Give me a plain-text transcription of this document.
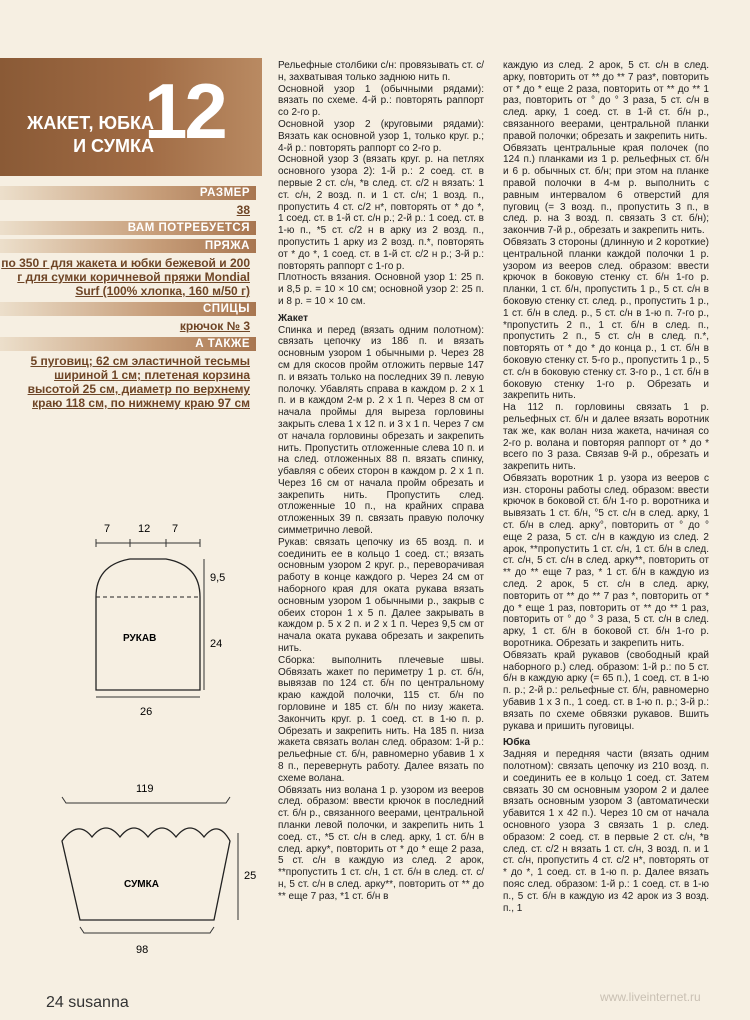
ЖАКЕТ, ЮБКА
И СУМКА
12
РАЗМЕР
38
ВАМ ПОТРЕБУЕТСЯ
ПРЯЖА
по 350 г для жакета и юбки бежевой и 200 г для сумки коричневой пряжи Mondial Surf (100% хлопка, 160 м/50 г)
СПИЦЫ
крючок № 3
А ТАКЖЕ
5 пуговиц; 62 см эластичной тесьмы шириной 1 см; плетеная корзина высотой 25 см, диаметр по верхнему краю 118 см, по нижнему краю 97 см
7	12 7
РУКАВ
9,5
24
26
119
СУМКА
25
98

Рельефные столбики с/н: провязывать ст. с/н, захватывая только заднюю нить п.

Основной узор 1 (обычными рядами): вязать по схеме. 4-й р.: повторять раппорт со 2-го р.

Основной узор 2 (круговыми рядами): Вязать как основной узор 1, только круг. р.; 4-й р.: повторять раппорт со 2-го р.

Основной узор 3 (вязать круг. р. на петлях основного узора 2): 1-й р.: 2 соед. ст. в первые 2 ст. с/н, *в след. ст. с/2 н вязать: 1 ст. с/н, 2 возд. п. и 1 ст. с/н; 1 возд. п., пропустить 4 ст. с/2 н*, повторять от * до *, 1 соед. ст. в 1-й ст. с/н р.; 2-й р.: 1 соед. ст. в 1-ю п., *5 ст. с/2 н в арку из 2 возд. п., пропустить 1 арку из 2 возд. п.*, повторять от * до *, 1 соед. ст. в 1-й ст. с/2 н р.; 3-й р.: повторять раппорт с 1-го р.

Плотность вязания. Основной узор 1: 25 п. и 8,5 р. = 10 × 10 см; основной узор 2: 25 п. и 8 р. = 10 × 10 см.

Жакет

Спинка и перед (вязать одним полотном): связать цепочку из 186 п. и вязать основным узором 1 обычными р. Через 28 см для скосов пройм отложить первые 147 п. и вязать только на последних 39 п. левую полочку. Убавлять справа в каждом р. 2 x 1 п. и в каждом 2-м р. 2 x 1 п. Через 8 см от начала проймы для выреза горловины закрыть слева 1 x 12 п. и 3 x 1 п. Через 7 см от начала горловины обрезать и закрепить нить. Пропустить отложенные слева 10 п. и на след. отложенных 88 п. вязать спинку, убавляя с обеих сторон в каждом р. 2 x 1 п. Через 16 см от начала пройм обрезать и закрепить нить. Пропустить след. отложенные 10 п., на крайних справа отложенных 39 п. связать правую полочку симметрично левой.

Рукав: связать цепочку из 65 возд. п. и соединить ее в кольцо 1 соед. ст.; вязать основным узором 2 круг. р., переворачивая работу в конце каждого р. Через 24 см от наборного края для оката рукава вязать основным узором 1 обычными р., закрыв с обеих сторон 1 x 5 п. Далее закрывать в каждом р. 5 x 2 п. и 2 x 1 п. Через 9,5 см от начала оката рукава обрезать и закрепить нить.

Сборка: выполнить плечевые швы. Обвязать жакет по периметру 1 р. ст. б/н, вывязав по 124 ст. б/н по центральному краю каждой полочки, 115 ст. б/н по горловине и 185 ст. б/н по низу жакета. Закончить круг. р. 1 соед. ст. в 1-ю п. р. Обрезать и закрепить нить. На 185 п. низа жакета связать волан след. образом: 1-й р.: рельефные ст. б/н, равномерно убавив 1 x 8 п., перевернуть работу. Далее вязать по схеме волана.

Обвязать низ волана 1 р. узором из вееров след. образом: ввести крючок в последний ст. б/н р., связанного веерами, центральной планки левой полочки, и закрепить нить 1 соед. ст., *5 ст. с/н в след. арку, 1 ст. б/н в след. арку*, повторить от * до * еще 2 раза, 5 ст. с/н в каждую из след. 2 арок, **пропустить 1 ст. с/н, 1 ст. б/н в след. ст. с/н, 5 ст. с/н в след. арку**, повторить от ** до ** еще 7 раз, *1 ст. б/н в

каждую из след. 2 арок, 5 ст. с/н в след. арку, повторить от ** до ** 7 раз*, повторить от * до * еще 2 раза, повторить от ** до ** 1 раз, повторить от ° до ° 3 раза, 5 ст. с/н в след. арку, 1 соед. ст. в 1-й ст. б/н р., связанного веерами, центральной планки правой полочки; обрезать и закрепить нить.

Обвязать центральные края полочек (по 124 п.) планками из 1 р. рельефных ст. б/н и 6 р. обычных ст. б/н; при этом на планке правой полочки в 4-м р. выполнить с равным интервалом 6 отверстий для пуговиц (= 3 возд. п., пропустить 3 п., в след. р. на 3 возд. п. связать 3 ст. б/н); закончив 7-й р., обрезать и закрепить нить.

Обвязать 3 стороны (длинную и 2 короткие) центральной планки каждой полочки 1 р. узором из вееров след. образом: ввести крючок в боковую стенку ст. б/н 1-го р. планки, 1 ст. б/н, пропустить 1 р., 5 ст. с/н в боковую стенку ст. след. р., пропустить 1 р., 1 ст. б/н в след. р., 5 ст. с/н в 1-ю п. 7-го р., *пропустить 2 п., 1 ст. б/н в след. п., пропустить 2 п., 5 ст. с/н в след. п.*, повторять от * до * до конца р., 1 ст. б/н в боковую стенку ст. 5-го р., пропустить 1 р., 5 ст. с/н в боковую стенку ст. 3-го р., 1 ст. б/н в боковую стенку 1-го р. Обрезать и закрепить нить.

На 112 п. горловины связать 1 р. рельефных ст. б/н и далее вязать воротник так же, как волан низа жакета, начиная со 2-го р. волана и повторяя раппорт от * до * всего по 3 раза. Связав 9-й р., обрезать и закрепить нить.

Обвязать воротник 1 р. узора из вееров с изн. стороны работы след. образом: ввести крючок в боковой ст. б/н 1-го р. воротника и вывязать 1 ст. б/н, °5 ст. с/н в след. арку, 1 ст. б/н в след. арку°, повторить от ° до ° еще 2 раза, 5 ст. с/н в каждую из след. 2 арок, **пропустить 1 ст. с/н, 1 ст. б/н в след. ст. с/н, 5 ст. с/н в след. арку**, повторить от ** до ** еще 7 раз, * 1 ст. б/н в каждую из след. 2 арок, 5 ст. с/н в след. арку, повторить от ** до ** 7 раз *, повторить от * до * еще 1 раз, повторить от ** до ** 1 раз, повторить от ° до ° 3 раза, 5 ст. с/н в след. арку, 1 ст. б/н в боковой ст. б/н 1-го р. воротника. Обрезать и закрепить нить.

Обвязать край рукавов (свободный край наборного р.) след. образом: 1-й р.: по 5 ст. б/н в каждую арку (= 65 п.), 1 соед. ст. в 1-ю п. р.; 2-й р.: рельефные ст. б/н, равномерно убавив 1 x 3 п., 1 соед. ст. в 1-ю п. р.; 3-й р.: вязать по схеме обвязки рукавов. Вшить рукава и пришить пуговицы.

Юбка

Задняя и передняя части (вязать одним полотном): связать цепочку из 210 возд. п. и соединить ее в кольцо 1 соед. ст. Затем связать 30 см основным узором 2 и далее вязать основным узором 3 (автоматически убавится 1 x 42 п.). Через 10 см от начала основного узора 3 связать 1 р. след. образом: 2 соед. ст. в первые 2 ст. с/н, *в след. ст. с/2 н вязать 1 ст. с/н, 3 возд. п. и 1 ст. с/н, пропустить 4 ст. с/2 н*, повторять от * до *, 1 соед. ст. в 1-ю п. р. Далее вязать пояс след. образом: 1-й р.: 1 соед. ст. в 1-ю п., 5 ст. б/н в каждую из 42 арок из 3 возд. п., 1

24 susanna	www.liveinternet.ru
